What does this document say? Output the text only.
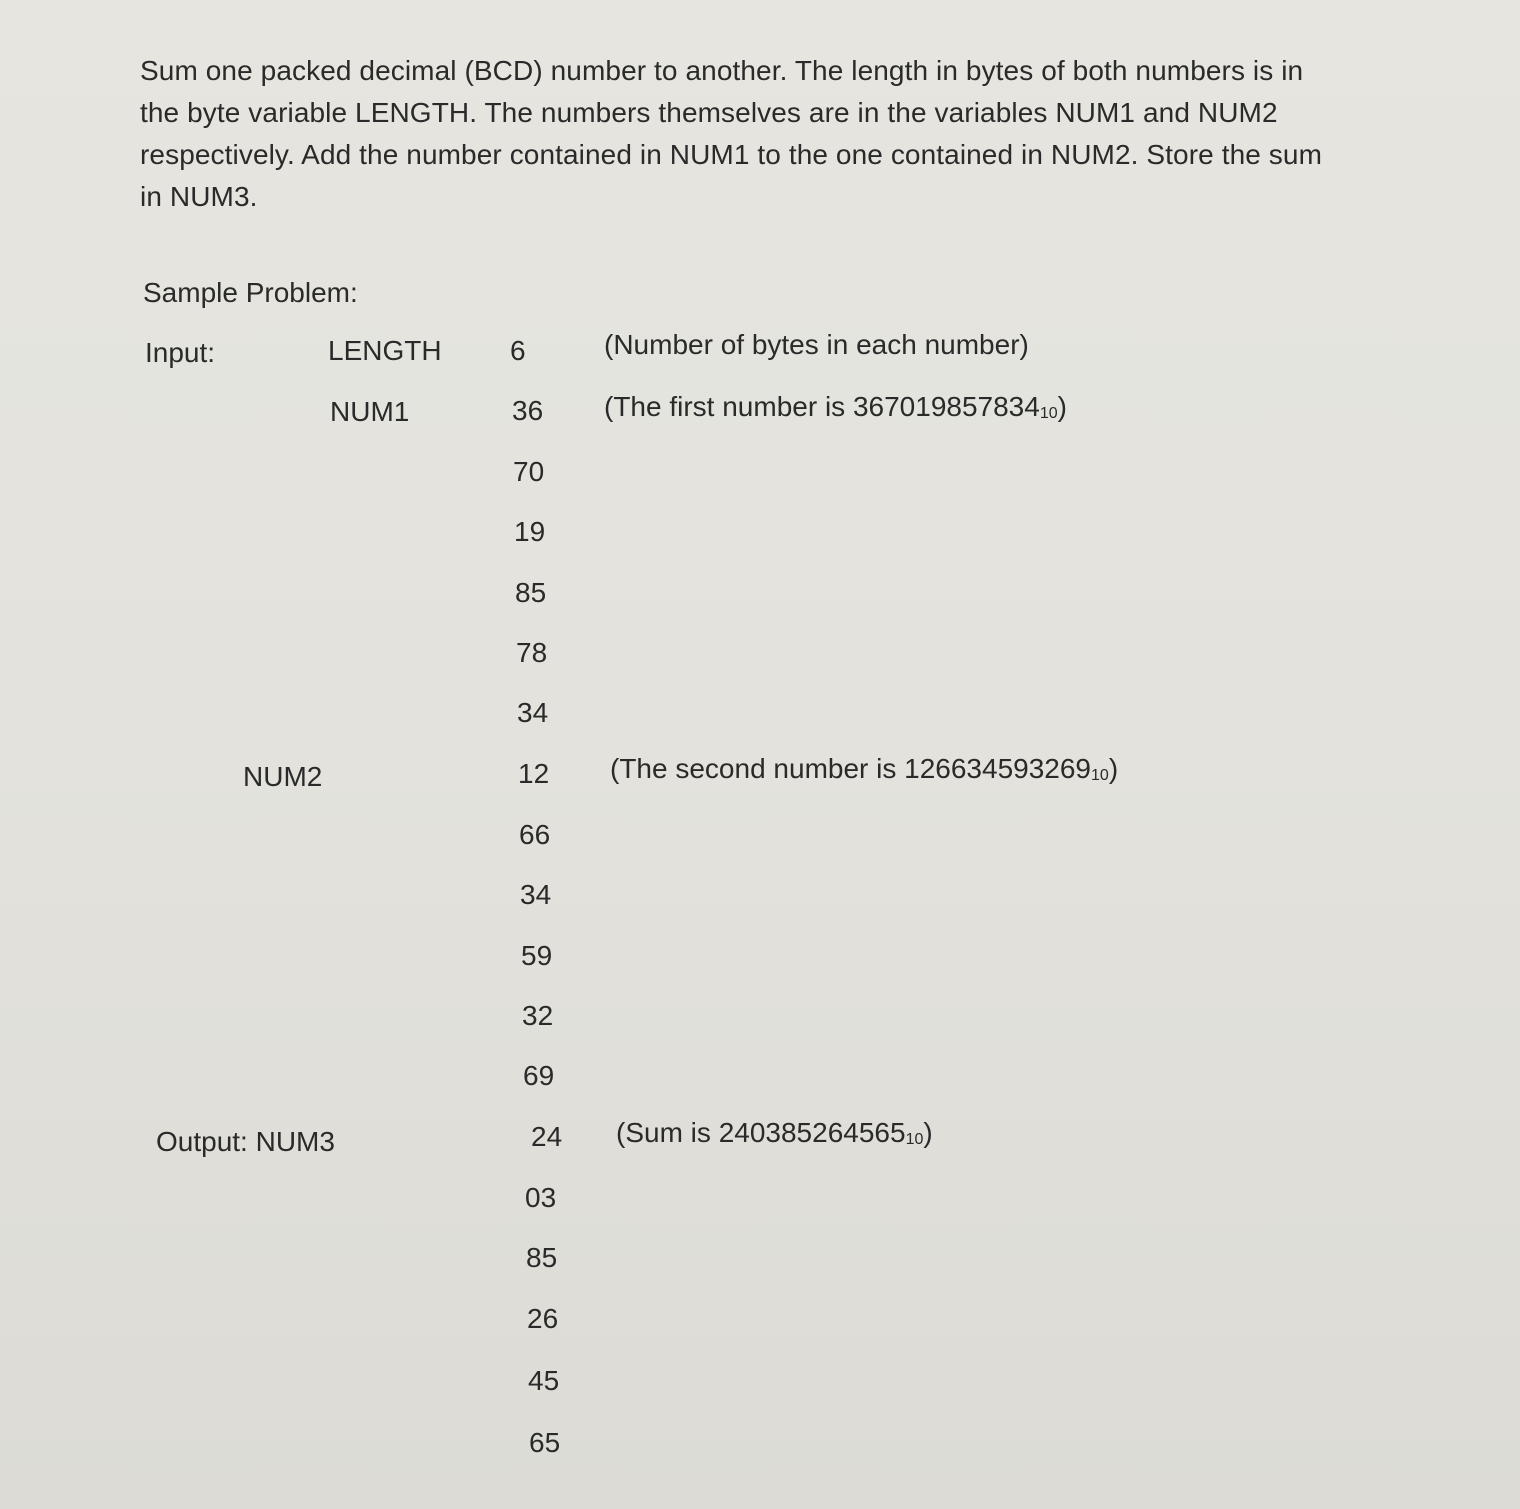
Sum one packed decimal (BCD) number to another. The length in bytes of both numbers is in the byte variable LENGTH. The numbers themselves are in the variables NUM1 and NUM2 respectively. Add the number contained in NUM1 to the one contained in NUM2. Store the sum in NUM3.

Sample Problem:
Input:	LENGTH 6	(Number of bytes in each number)
NUM1	36
70
19
85
78
34
(The first number is $367019857834_{10}$)
NUM2	12
66
34
59
32
69
(The second number is $126634593269_{10}$)
Output: NUM3	24
03
85
26
45
65
(Sum is $240385264565_{10}$)
